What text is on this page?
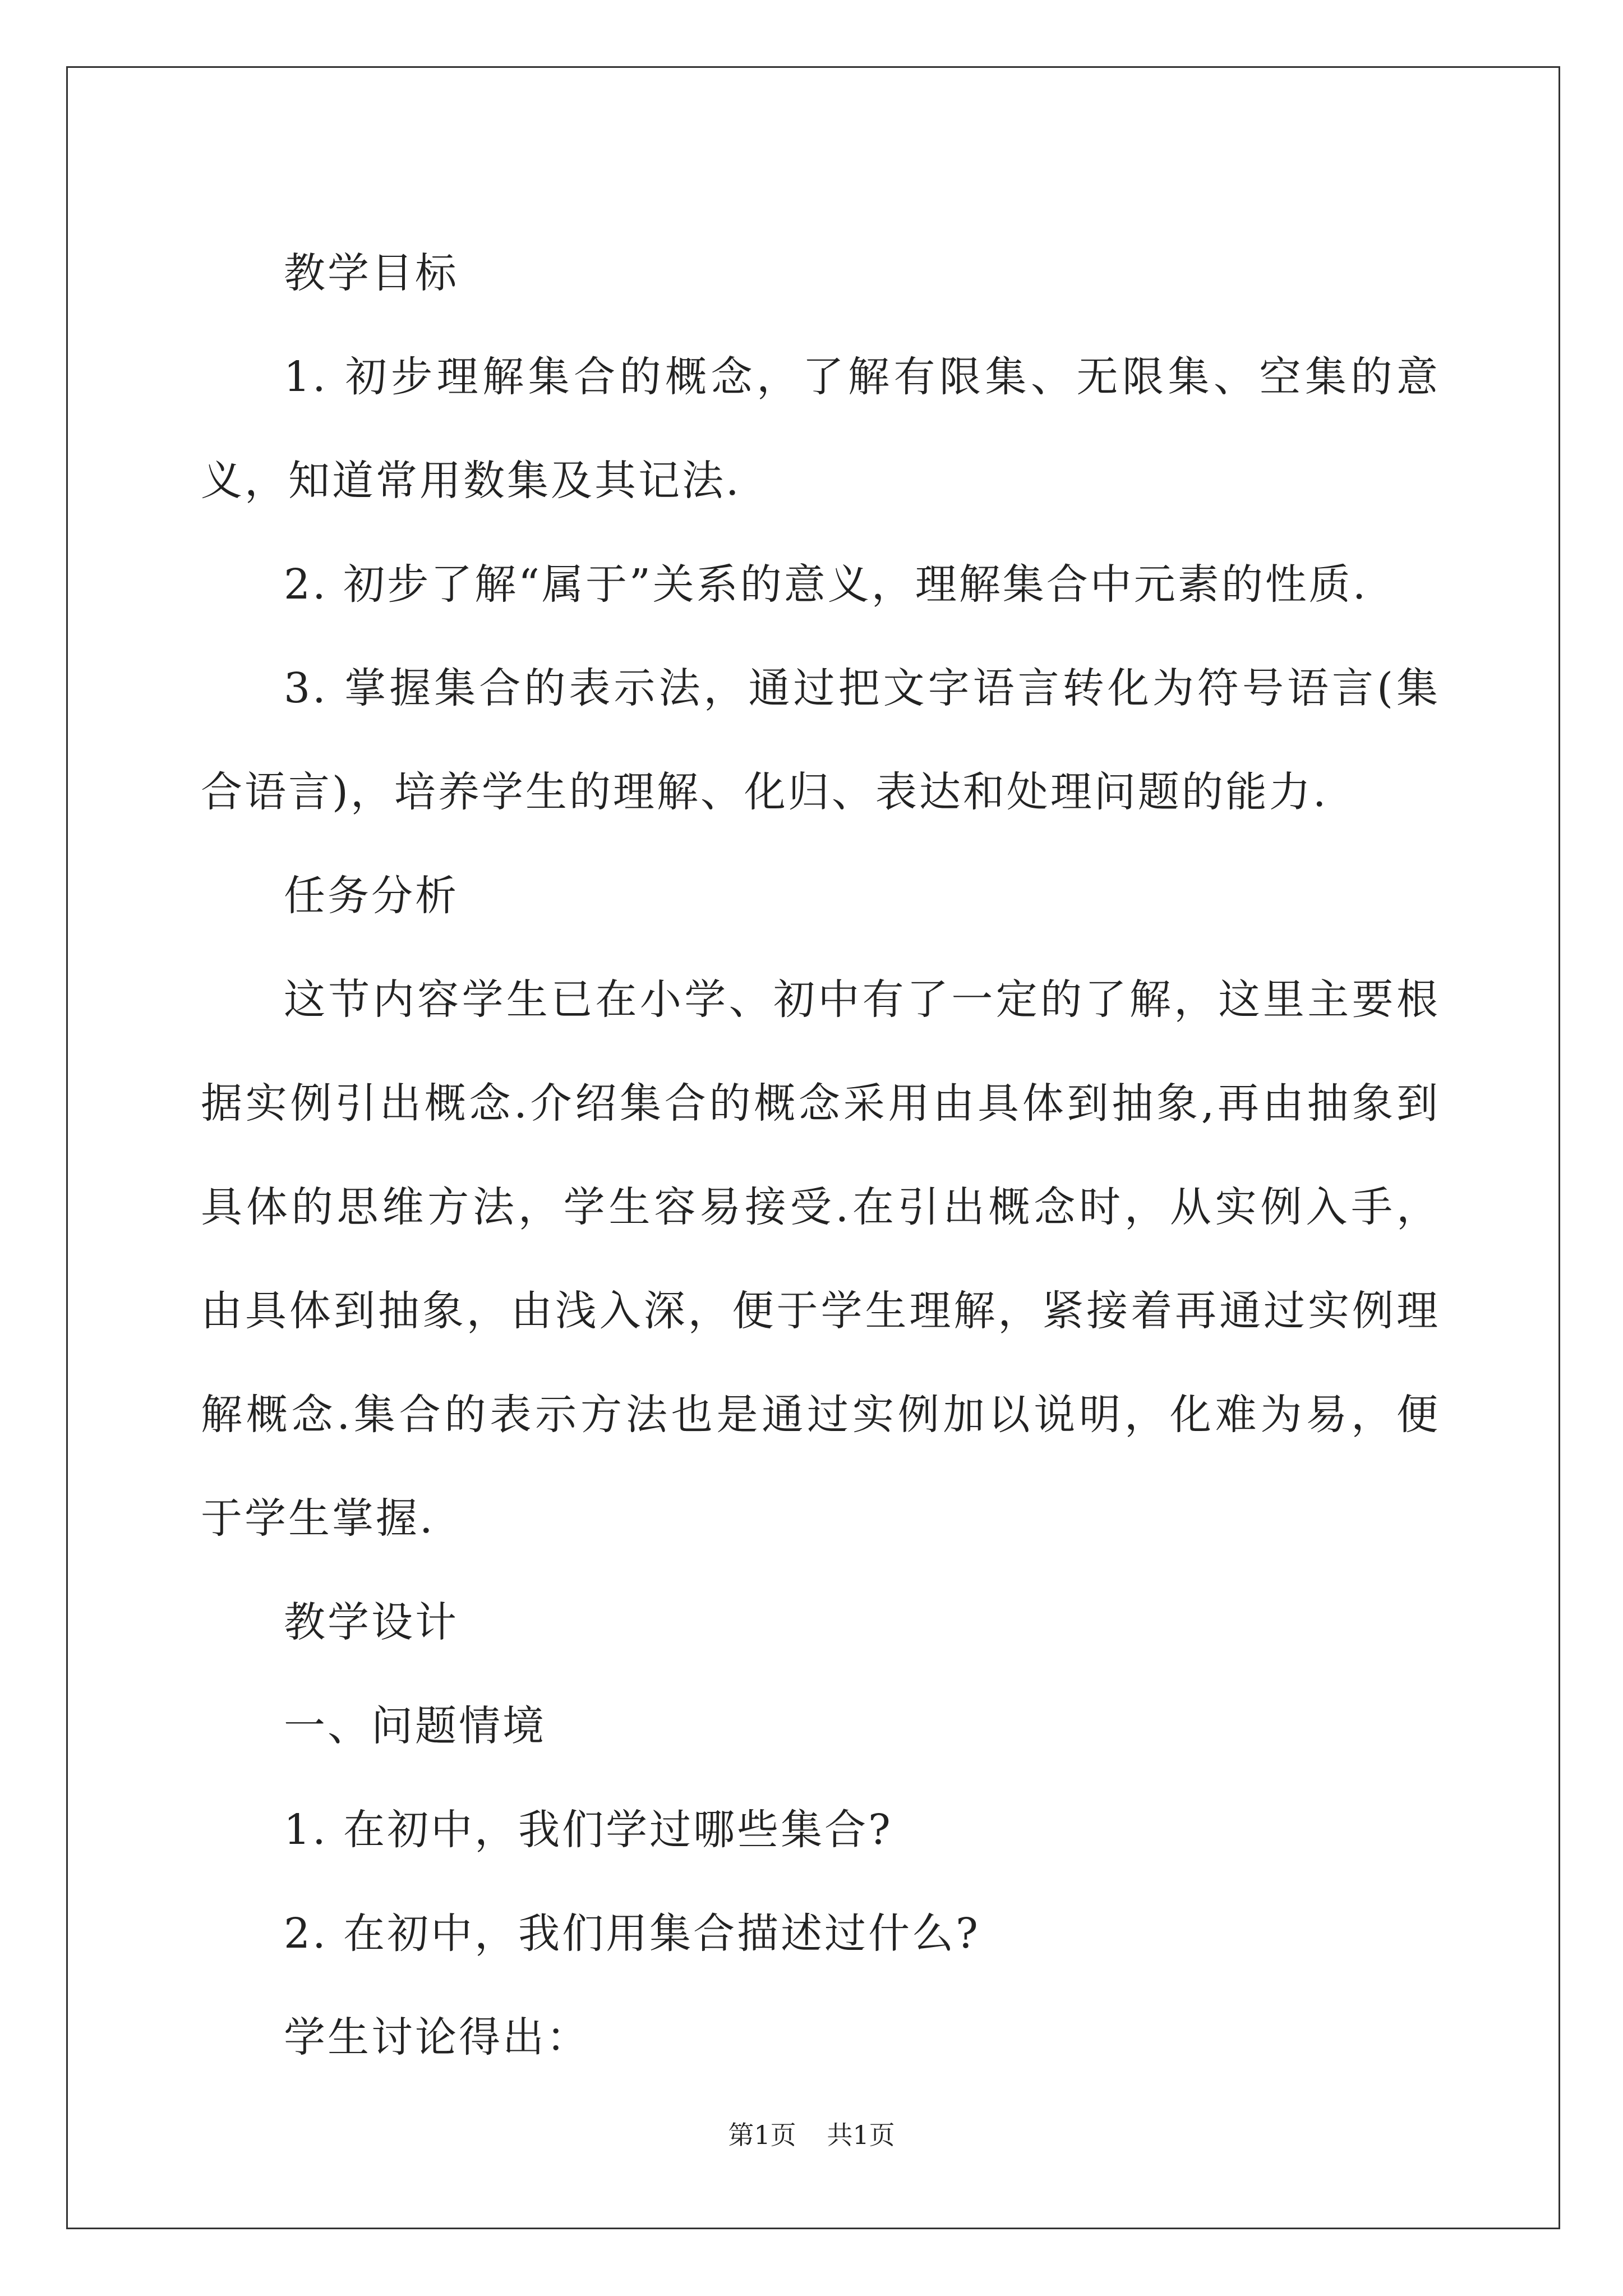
教学目标

1. 初步理解集合的概念，了解有限集、无限集、空集的意义，知道常用数集及其记法.

2. 初步了解“属于”关系的意义，理解集合中元素的性质.

3. 掌握集合的表示法，通过把文字语言转化为符号语言(集合语言)，培养学生的理解、化归、表达和处理问题的能力.

任务分析

这节内容学生已在小学、初中有了一定的了解，这里主要根据实例引出概念.介绍集合的概念采用由具体到抽象,再由抽象到具体的思维方法，学生容易接受.在引出概念时，从实例入手，由具体到抽象，由浅入深，便于学生理解，紧接着再通过实例理解概念.集合的表示方法也是通过实例加以说明，化难为易，便于学生掌握.

教学设计

一、问题情境

1. 在初中，我们学过哪些集合?

2. 在初中，我们用集合描述过什么?

学生讨论得出：

第1页 共1页
